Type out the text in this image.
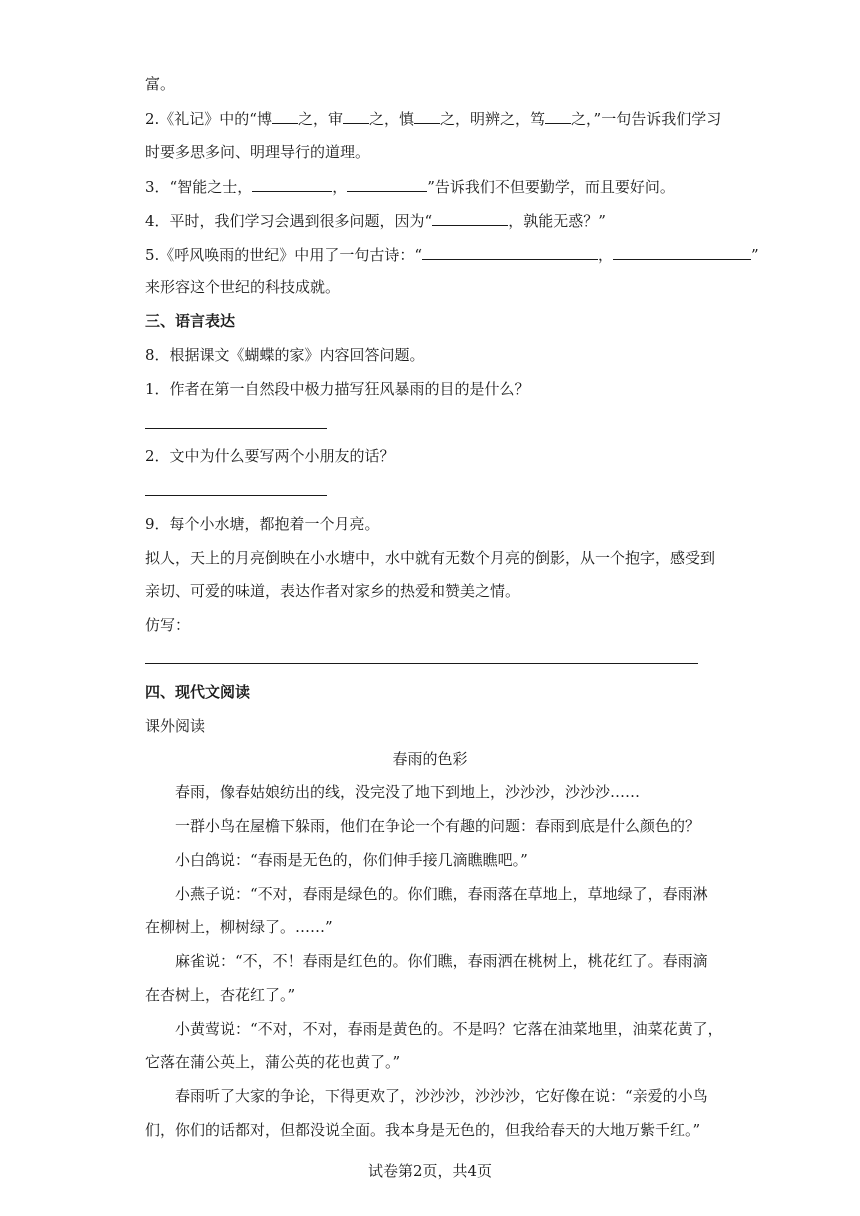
富。
2.《礼记》中的“博 之，审 之，慎 之，明辨之，笃 之，”一句告诉我们学习
时要多思多问、明理导行的道理。
3．“智能之士，	，	”告诉我们不但要勤学，而且要好问。
4．平时，我们学习会遇到很多问题，因为“	，孰能无惑？”
5.《呼风唤雨的世纪》中用了一句古诗：“	，	”
来形容这个世纪的科技成就。
三、语言表达
8．根据课文《蝴蝶的家》内容回答问题。
1．作者在第一自然段中极力描写狂风暴雨的目的是什么？
2．文中为什么要写两个小朋友的话？
9．每个小水塘，都抱着一个月亮。
拟人，天上的月亮倒映在小水塘中，水中就有无数个月亮的倒影，从一个抱字，感受到
亲切、可爱的味道，表达作者对家乡的热爱和赞美之情。
仿写：
四、现代文阅读
课外阅读
春雨的色彩
春雨，像春姑娘纺出的线，没完没了地下到地上，沙沙沙，沙沙沙……
一群小鸟在屋檐下躲雨，他们在争论一个有趣的问题：春雨到底是什么颜色的？
小白鸽说：“春雨是无色的，你们伸手接几滴瞧瞧吧。”
小燕子说：“不对，春雨是绿色的。你们瞧，春雨落在草地上，草地绿了，春雨淋
在柳树上，柳树绿了。……”
麻雀说：“不，不！春雨是红色的。你们瞧，春雨洒在桃树上，桃花红了。春雨滴
在杏树上，杏花红了。”
小黄莺说：“不对，不对，春雨是黄色的。不是吗？它落在油菜地里，油菜花黄了，
它落在蒲公英上，蒲公英的花也黄了。”
春雨听了大家的争论，下得更欢了，沙沙沙，沙沙沙，它好像在说：“亲爱的小鸟
们，你们的话都对，但都没说全面。我本身是无色的，但我给春天的大地万紫千红。”
试卷第2页，共4页
